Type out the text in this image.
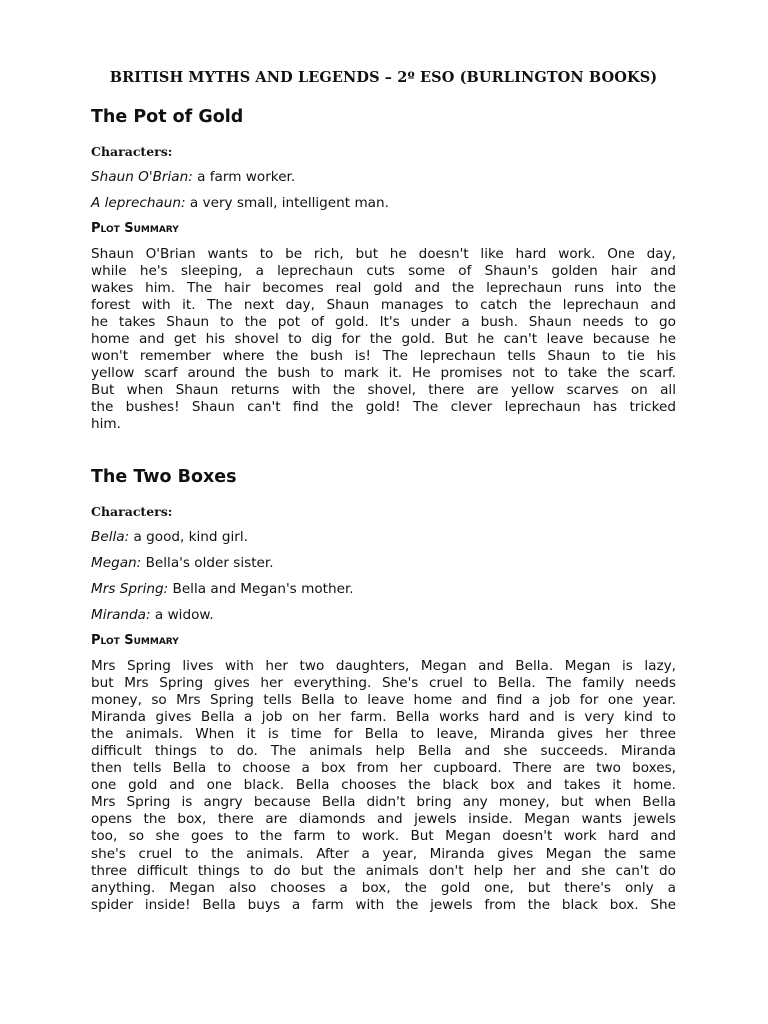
BRITISH MYTHS AND LEGENDS – 2º ESO (BURLINGTON BOOKS)
The Pot of Gold
Characters:
Shaun O'Brian: a farm worker.
A leprechaun: a very small, intelligent man.
Plot Summary
Shaun O'Brian wants to be rich, but he doesn't like hard work. One day,
while he's sleeping, a leprechaun cuts some of Shaun's golden hair and
wakes him. The hair becomes real gold and the leprechaun runs into the
forest with it. The next day, Shaun manages to catch the leprechaun and
he takes Shaun to the pot of gold. It's under a bush. Shaun needs to go
home and get his shovel to dig for the gold. But he can't leave because he
won't remember where the bush is! The leprechaun tells Shaun to tie his
yellow scarf around the bush to mark it. He promises not to take the scarf.
But when Shaun returns with the shovel, there are yellow scarves on all
the bushes! Shaun can't find the gold! The clever leprechaun has tricked
him.
The Two Boxes
Characters:
Bella: a good, kind girl.
Megan: Bella's older sister.
Mrs Spring: Bella and Megan's mother.
Miranda: a widow.
Plot Summary
Mrs Spring lives with her two daughters, Megan and Bella. Megan is lazy,
but Mrs Spring gives her everything. She's cruel to Bella. The family needs
money, so Mrs Spring tells Bella to leave home and find a job for one year.
Miranda gives Bella a job on her farm. Bella works hard and is very kind to
the animals. When it is time for Bella to leave, Miranda gives her three
difficult things to do. The animals help Bella and she succeeds. Miranda
then tells Bella to choose a box from her cupboard. There are two boxes,
one gold and one black. Bella chooses the black box and takes it home.
Mrs Spring is angry because Bella didn't bring any money, but when Bella
opens the box, there are diamonds and jewels inside. Megan wants jewels
too, so she goes to the farm to work. But Megan doesn't work hard and
she's cruel to the animals. After a year, Miranda gives Megan the same
three difficult things to do but the animals don't help her and she can't do
anything. Megan also chooses a box, the gold one, but there's only a
spider inside! Bella buys a farm with the jewels from the black box. She
